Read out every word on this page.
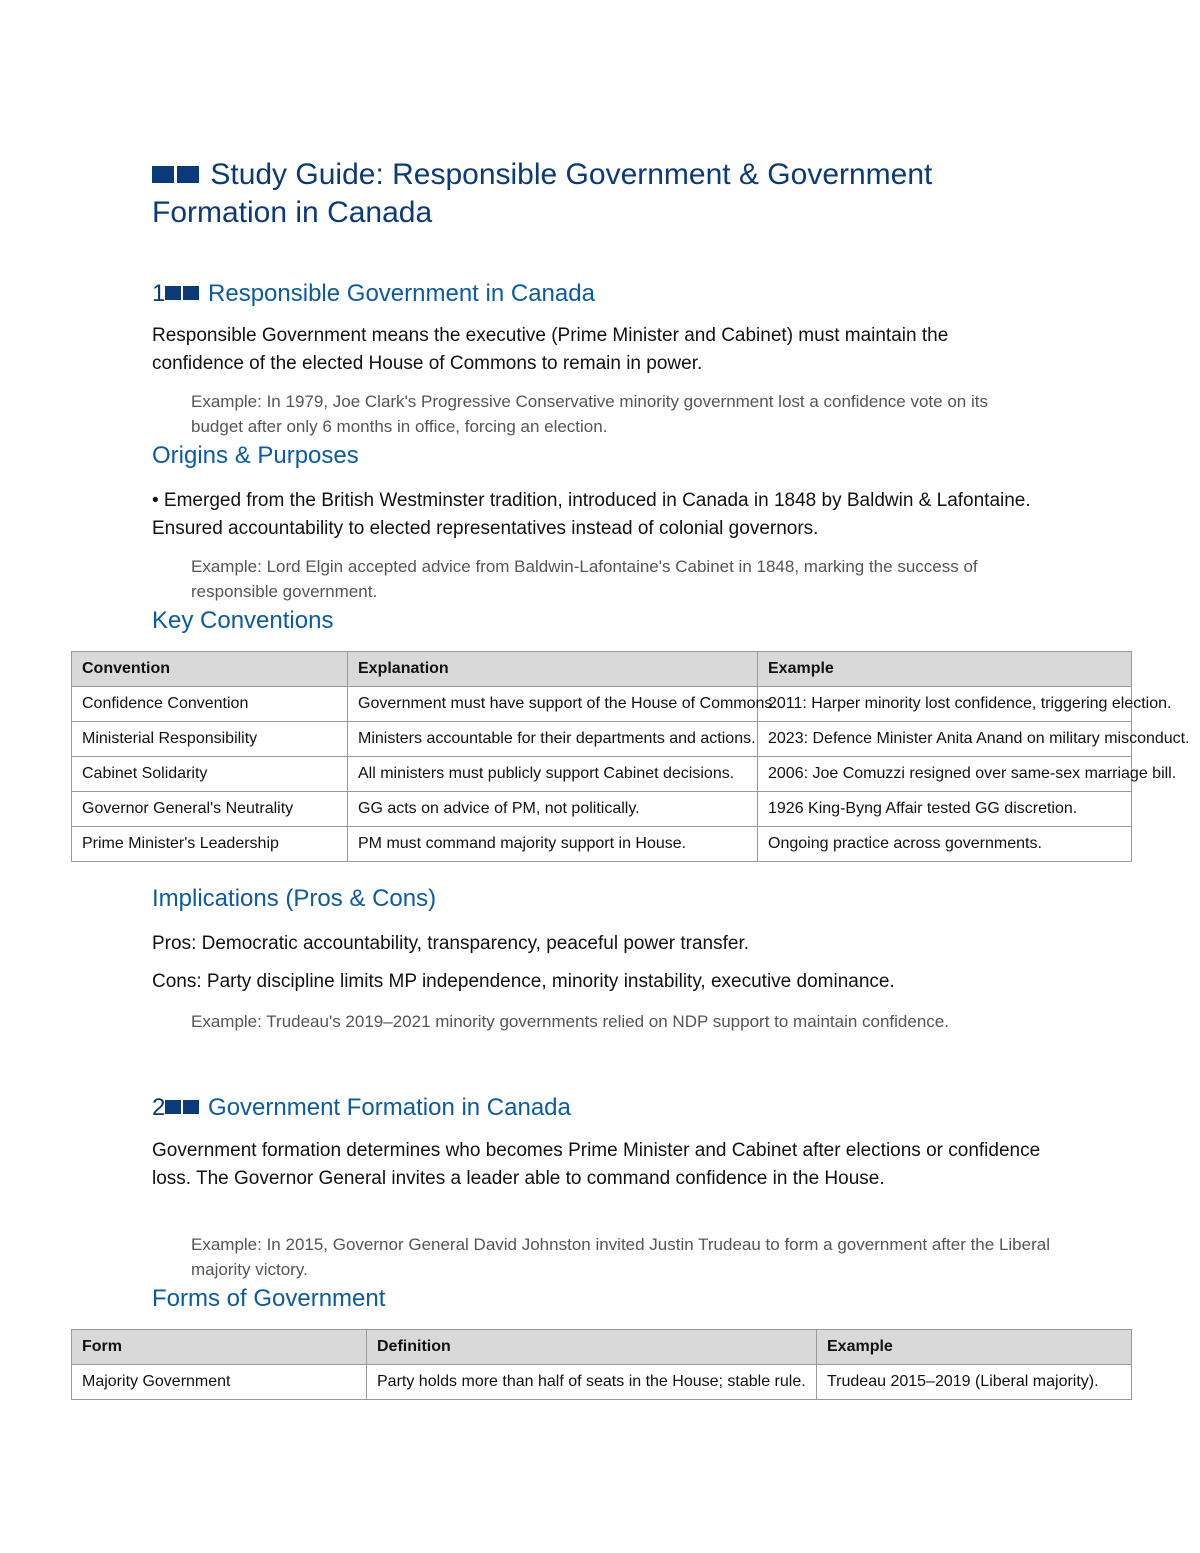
Study Guide: Responsible Government & Government
Formation in Canada
1 Responsible Government in Canada

Responsible Government means the executive (Prime Minister and Cabinet) must maintain the confidence of the elected House of Commons to remain in power.

Example: In 1979, Joe Clark's Progressive Conservative minority government lost a confidence vote on its budget after only 6 months in office, forcing an election.

Origins & Purposes

• Emerged from the British Westminster tradition, introduced in Canada in 1848 by Baldwin & Lafontaine. Ensured accountability to elected representatives instead of colonial governors.

Example: Lord Elgin accepted advice from Baldwin-Lafontaine's Cabinet in 1848, marking the success of responsible government.

Key Conventions
Convention	Explanation	Example
Confidence Convention	Government must have support of the House of Commons.	2011: Harper minority lost confidence, triggering election.
Ministerial Responsibility	Ministers accountable for their departments and actions.	2023: Defence Minister Anita Anand on military misconduct.
Cabinet Solidarity	All ministers must publicly support Cabinet decisions.	2006: Joe Comuzzi resigned over same-sex marriage bill.
Governor General's Neutrality	GG acts on advice of PM, not politically.	1926 King-Byng Affair tested GG discretion.
Prime Minister's Leadership	PM must command majority support in House.	Ongoing practice across governments.
Implications (Pros & Cons)

Pros: Democratic accountability, transparency, peaceful power transfer.

Cons: Party discipline limits MP independence, minority instability, executive dominance.

Example: Trudeau's 2019–2021 minority governments relied on NDP support to maintain confidence.

2 Government Formation in Canada

Government formation determines who becomes Prime Minister and Cabinet after elections or confidence loss. The Governor General invites a leader able to command confidence in the House.

Example: In 2015, Governor General David Johnston invited Justin Trudeau to form a government after the Liberal majority victory.

Forms of Government
Form	Definition	Example
Majority Government	Party holds more than half of seats in the House; stable rule.	Trudeau 2015–2019 (Liberal majority).
